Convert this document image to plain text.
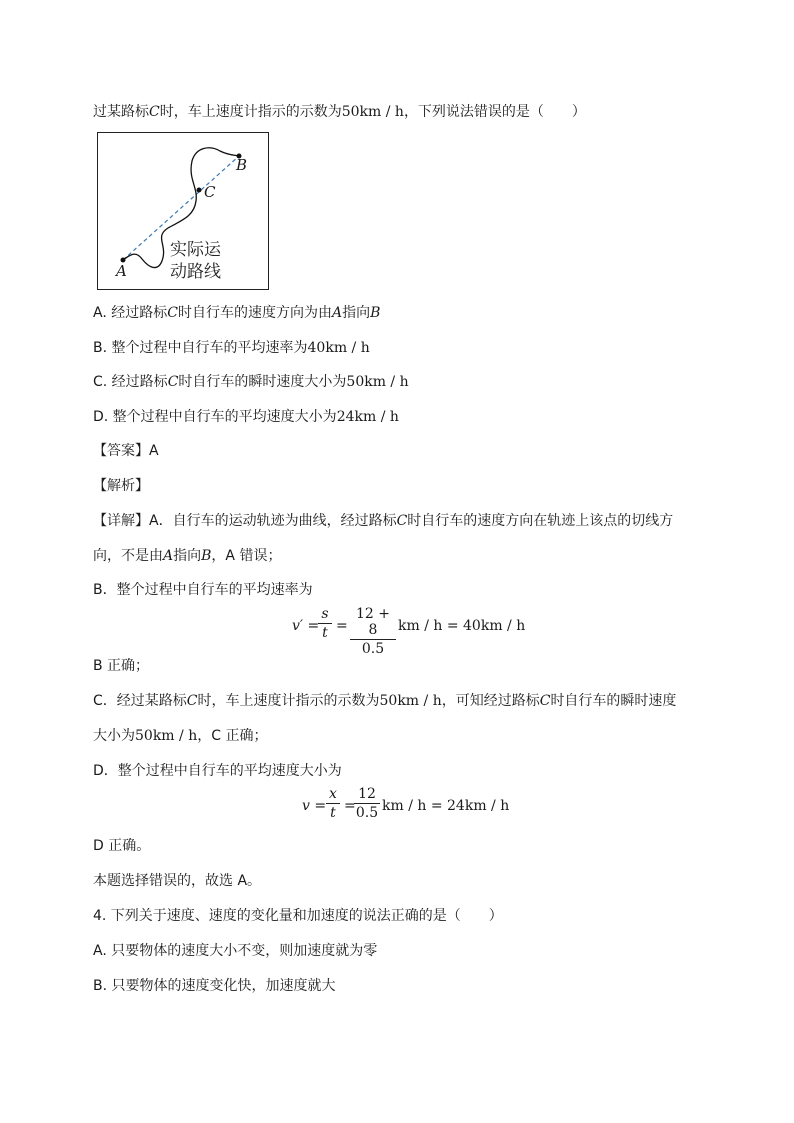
过某路标C时，车上速度计指示的示数为50km / h，下列说法错误的是（　　）
A
B
C
实际运
动路线
A. 经过路标C时自行车的速度方向为由A指向B
B. 整个过程中自行车的平均速率为40km / h
C. 经过路标C时自行车的瞬时速度大小为50km / h
D. 整个过程中自行车的平均速度大小为24km / h
【答案】A
【解析】
【详解】A．自行车的运动轨迹为曲线，经过路标C时自行车的速度方向在轨迹上该点的切线方
向，不是由A指向B，A 错误；
B．整个过程中自行车的平均速率为
v′ =
s
t =
12 + 8
0.5
km / h = 40km / h
B 正确；
C．经过某路标C时，车上速度计指示的示数为50km / h，可知经过路标C时自行车的瞬时速度
大小为50km / h，C 正确；
D．整个过程中自行车的平均速度大小为
v =
x
t =
12
0.5 km / h = 24km / h
D 正确。
本题选择错误的，故选 A。
4. 下列关于速度、速度的变化量和加速度的说法正确的是（　　）
A. 只要物体的速度大小不变，则加速度就为零
B. 只要物体的速度变化快，加速度就大
